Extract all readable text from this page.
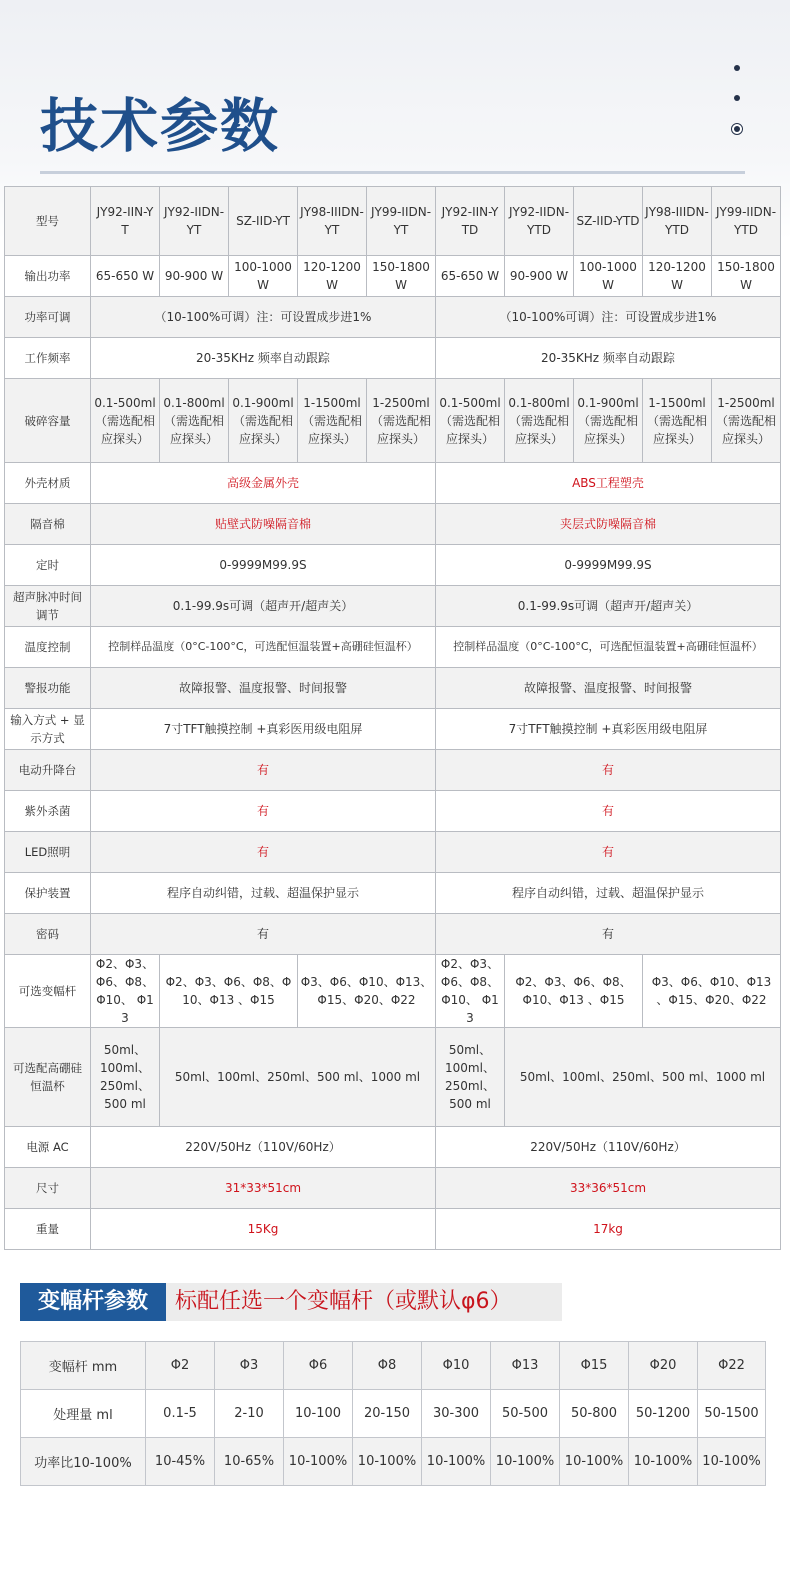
技术参数
型号	JY92-IIN-YT	JY92-IIDN-YT	SZ-IID-YT	JY98-IIIDN-YT	JY99-IIDN-YT	JY92-IIN-YTD	JY92-IIDN-YTD	SZ-IID-YTD	JY98-IIIDN-YTD	JY99-IIDN-YTD
输出功率	65-650 W	90-900 W	100-1000 W	120-1200 W	150-1800 W	65-650 W	90-900 W	100-1000 W	120-1200 W	150-1800 W
功率可调	（10-100%可调）注：可设置成步进1%					（10-100%可调）注：可设置成步进1%				
工作频率	20-35KHz 频率自动跟踪					20-35KHz 频率自动跟踪				
破碎容量	0.1-500ml
（需选配相
应探头）	0.1-800ml
（需选配相
应探头）	0.1-900ml
（需选配相
应探头）	1-1500ml
（需选配相
应探头）	1-2500ml
（需选配相
应探头）	0.1-500ml
（需选配相
应探头）	0.1-800ml
（需选配相
应探头）	0.1-900ml
（需选配相
应探头）	1-1500ml
（需选配相
应探头）	1-2500ml
（需选配相
应探头）
外壳材质	高级金属外壳					ABS工程塑壳				
隔音棉	贴壁式防噪隔音棉					夹层式防噪隔音棉				
定时	0-9999M99.9S					0-9999M99.9S				
超声脉冲时间
调节	0.1-99.9s可调（超声开/超声关）					0.1-99.9s可调（超声开/超声关）				
温度控制	控制样品温度（0°C-100°C，可选配恒温装置+高硼硅恒温杯）					控制样品温度（0°C-100°C，可选配恒温装置+高硼硅恒温杯）				
警报功能	故障报警、温度报警、时间报警					故障报警、温度报警、时间报警				
输入方式 + 显
示方式	7寸TFT触摸控制 +真彩医用级电阻屏					7寸TFT触摸控制 +真彩医用级电阻屏				
电动升降台	有					有				
紫外杀菌	有					有				
LED照明	有					有				
保护装置	程序自动纠错，过载、超温保护显示					程序自动纠错，过载、超温保护显示				
密码	有					有				
可选变幅杆	Φ2、Φ3、
Φ6、Φ8、
Φ10、 Φ13	Φ2、Φ3、Φ6、Φ8、Φ
10、Φ13 、Φ15		Φ3、Φ6、Φ10、Φ13、
Φ15、Φ20、Φ22		Φ2、Φ3、
Φ6、Φ8、
Φ10、 Φ13	Φ2、Φ3、Φ6、Φ8、
Φ10、Φ13 、Φ15		Φ3、Φ6、Φ10、Φ13
、Φ15、Φ20、Φ22	
可选配高硼硅
恒温杯	50ml、
100ml、
250ml、
500 ml	50ml、100ml、250ml、500 ml、1000 ml				50ml、
100ml、
250ml、
500 ml	50ml、100ml、250ml、500 ml、1000 ml			
电源 AC	220V/50Hz（110V/60Hz）					220V/50Hz（110V/60Hz）				
尺寸	31*33*51cm					33*36*51cm				
重量	15Kg					17kg				
变幅杆参数	标配任选一个变幅杆（或默认φ6）
变幅杆 mm	Φ2	Φ3	Φ6	Φ8	Φ10	Φ13	Φ15	Φ20	Φ22
处理量 ml	0.1-5	2-10	10-100	20-150	30-300	50-500	50-800	50-1200	50-1500
功率比10-100%	10-45%	10-65%	10-100%	10-100%	10-100%	10-100%	10-100%	10-100%	10-100%
